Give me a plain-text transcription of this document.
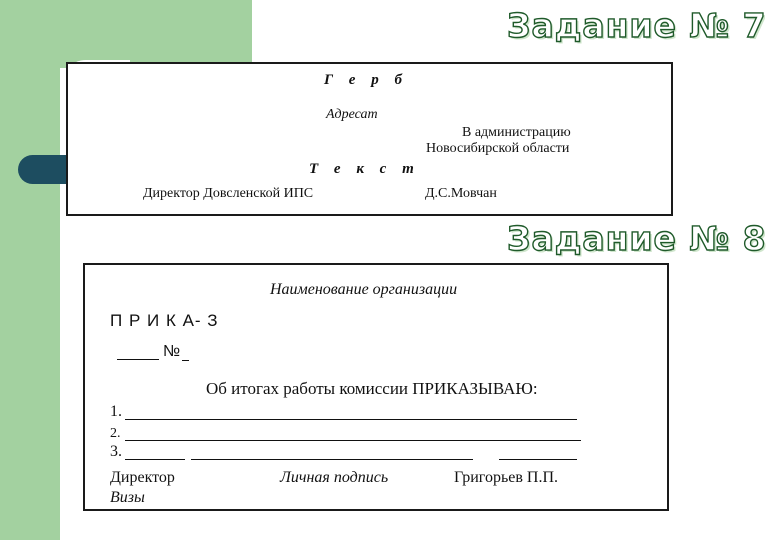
Задание № 7
Задание № 8
Г е р б
Адресат
В администрацию
Новосибирской области
Т е к с т
Директор Довсленской ИПС	Д.С.Мовчан
Наименование организации
П Р И К А- З
№
Об итогах работы комиссии ПРИКАЗЫВАЮ:
1.
2.
3.
Директор	Личная подпись	Григорьев П.П.
Визы
